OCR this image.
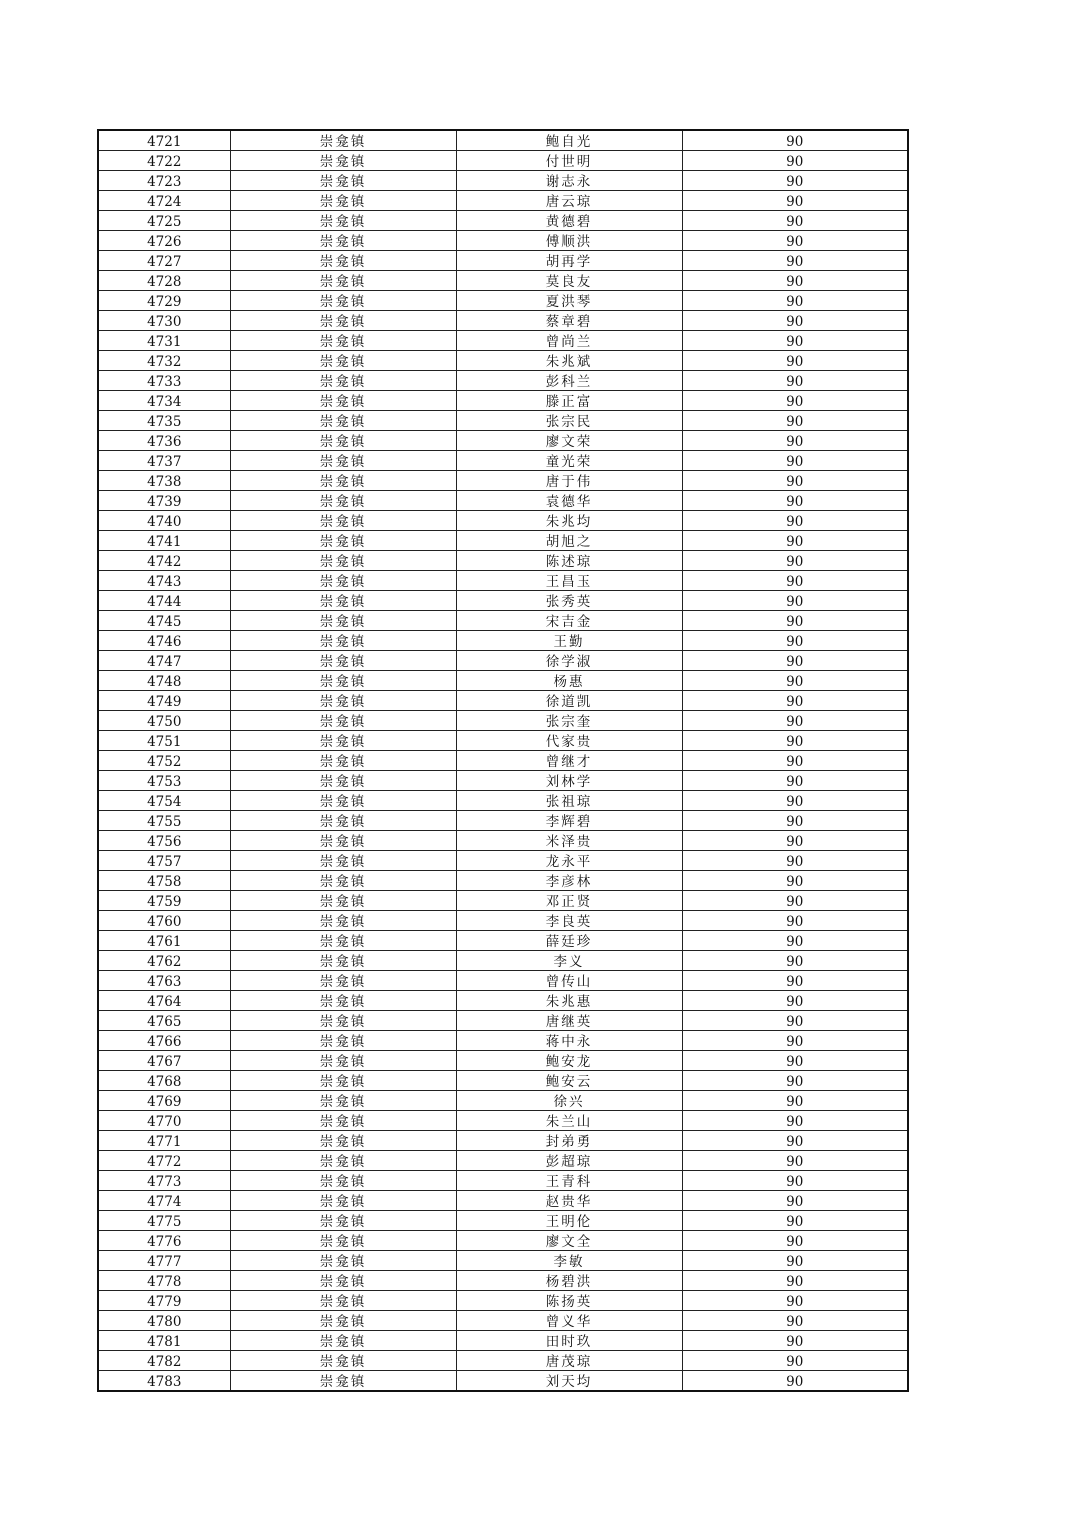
4721	崇龛镇	鲍自光	90
4722	崇龛镇	付世明	90
4723	崇龛镇	谢志永	90
4724	崇龛镇	唐云琼	90
4725	崇龛镇	黄德碧	90
4726	崇龛镇	傅顺洪	90
4727	崇龛镇	胡再学	90
4728	崇龛镇	莫良友	90
4729	崇龛镇	夏洪琴	90
4730	崇龛镇	蔡章碧	90
4731	崇龛镇	曾尚兰	90
4732	崇龛镇	朱兆斌	90
4733	崇龛镇	彭科兰	90
4734	崇龛镇	滕正富	90
4735	崇龛镇	张宗民	90
4736	崇龛镇	廖文荣	90
4737	崇龛镇	童光荣	90
4738	崇龛镇	唐于伟	90
4739	崇龛镇	袁德华	90
4740	崇龛镇	朱兆均	90
4741	崇龛镇	胡旭之	90
4742	崇龛镇	陈述琼	90
4743	崇龛镇	王昌玉	90
4744	崇龛镇	张秀英	90
4745	崇龛镇	宋吉金	90
4746	崇龛镇	王勤	90
4747	崇龛镇	徐学淑	90
4748	崇龛镇	杨惠	90
4749	崇龛镇	徐道凯	90
4750	崇龛镇	张宗奎	90
4751	崇龛镇	代家贵	90
4752	崇龛镇	曾继才	90
4753	崇龛镇	刘林学	90
4754	崇龛镇	张祖琼	90
4755	崇龛镇	李辉碧	90
4756	崇龛镇	米泽贵	90
4757	崇龛镇	龙永平	90
4758	崇龛镇	李彦林	90
4759	崇龛镇	邓正贤	90
4760	崇龛镇	李良英	90
4761	崇龛镇	薛廷珍	90
4762	崇龛镇	李义	90
4763	崇龛镇	曾传山	90
4764	崇龛镇	朱兆惠	90
4765	崇龛镇	唐继英	90
4766	崇龛镇	蒋中永	90
4767	崇龛镇	鲍安龙	90
4768	崇龛镇	鲍安云	90
4769	崇龛镇	徐兴	90
4770	崇龛镇	朱兰山	90
4771	崇龛镇	封弟勇	90
4772	崇龛镇	彭超琼	90
4773	崇龛镇	王青科	90
4774	崇龛镇	赵贵华	90
4775	崇龛镇	王明伦	90
4776	崇龛镇	廖文全	90
4777	崇龛镇	李敏	90
4778	崇龛镇	杨碧洪	90
4779	崇龛镇	陈扬英	90
4780	崇龛镇	曾义华	90
4781	崇龛镇	田时玖	90
4782	崇龛镇	唐茂琼	90
4783	崇龛镇	刘天均	90
